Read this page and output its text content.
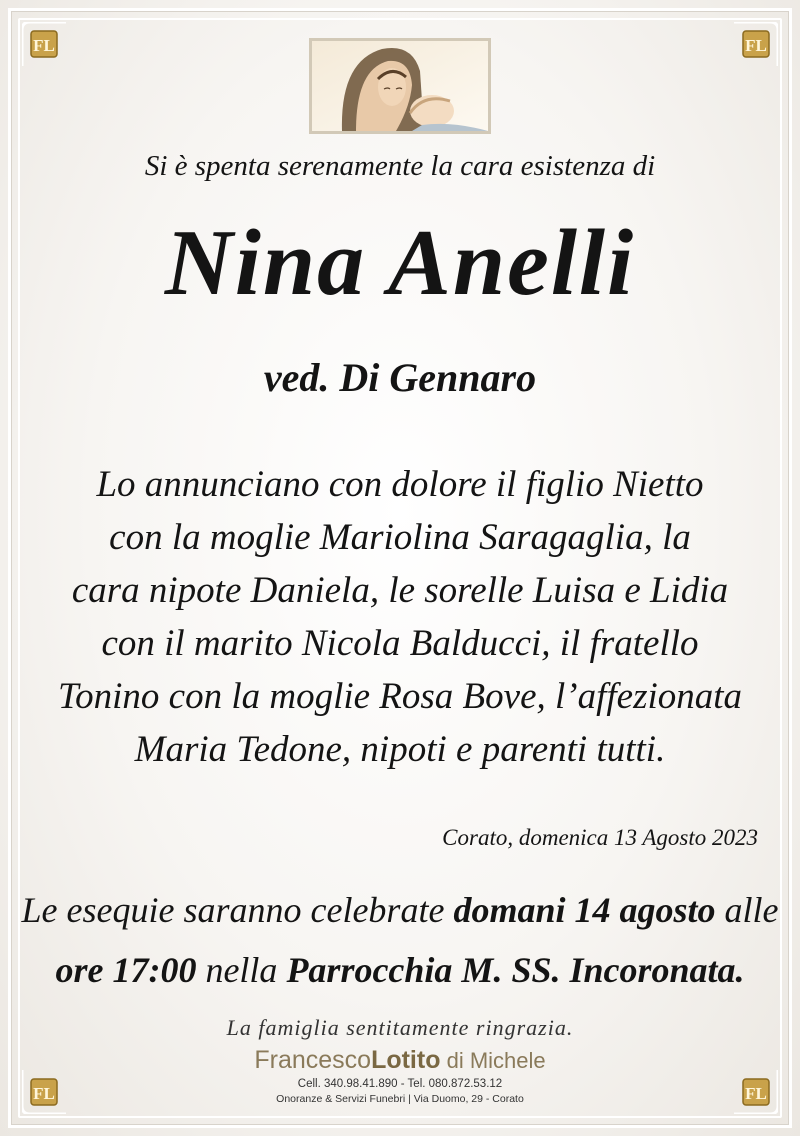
FL	FL
FL	FL
Si è spenta serenamente la cara esistenza di
Nina Anelli
ved. Di Gennaro
Lo annunciano con dolore il figlio Nietto
con la moglie Mariolina Saragaglia, la
cara nipote Daniela, le sorelle Luisa e Lidia
con il marito Nicola Balducci, il fratello
Tonino con la moglie Rosa Bove, l’affezionata
Maria Tedone, nipoti e parenti tutti.
Corato, domenica 13 Agosto 2023
Le esequie saranno celebrate domani 14 agosto alle
ore 17:00 nella Parrocchia M. SS. Incoronata.
La famiglia sentitamente ringrazia.
FrancescoLotito di Michele
Cell. 340.98.41.890 - Tel. 080.872.53.12
Onoranze & Servizi Funebri | Via Duomo, 29 - Corato
